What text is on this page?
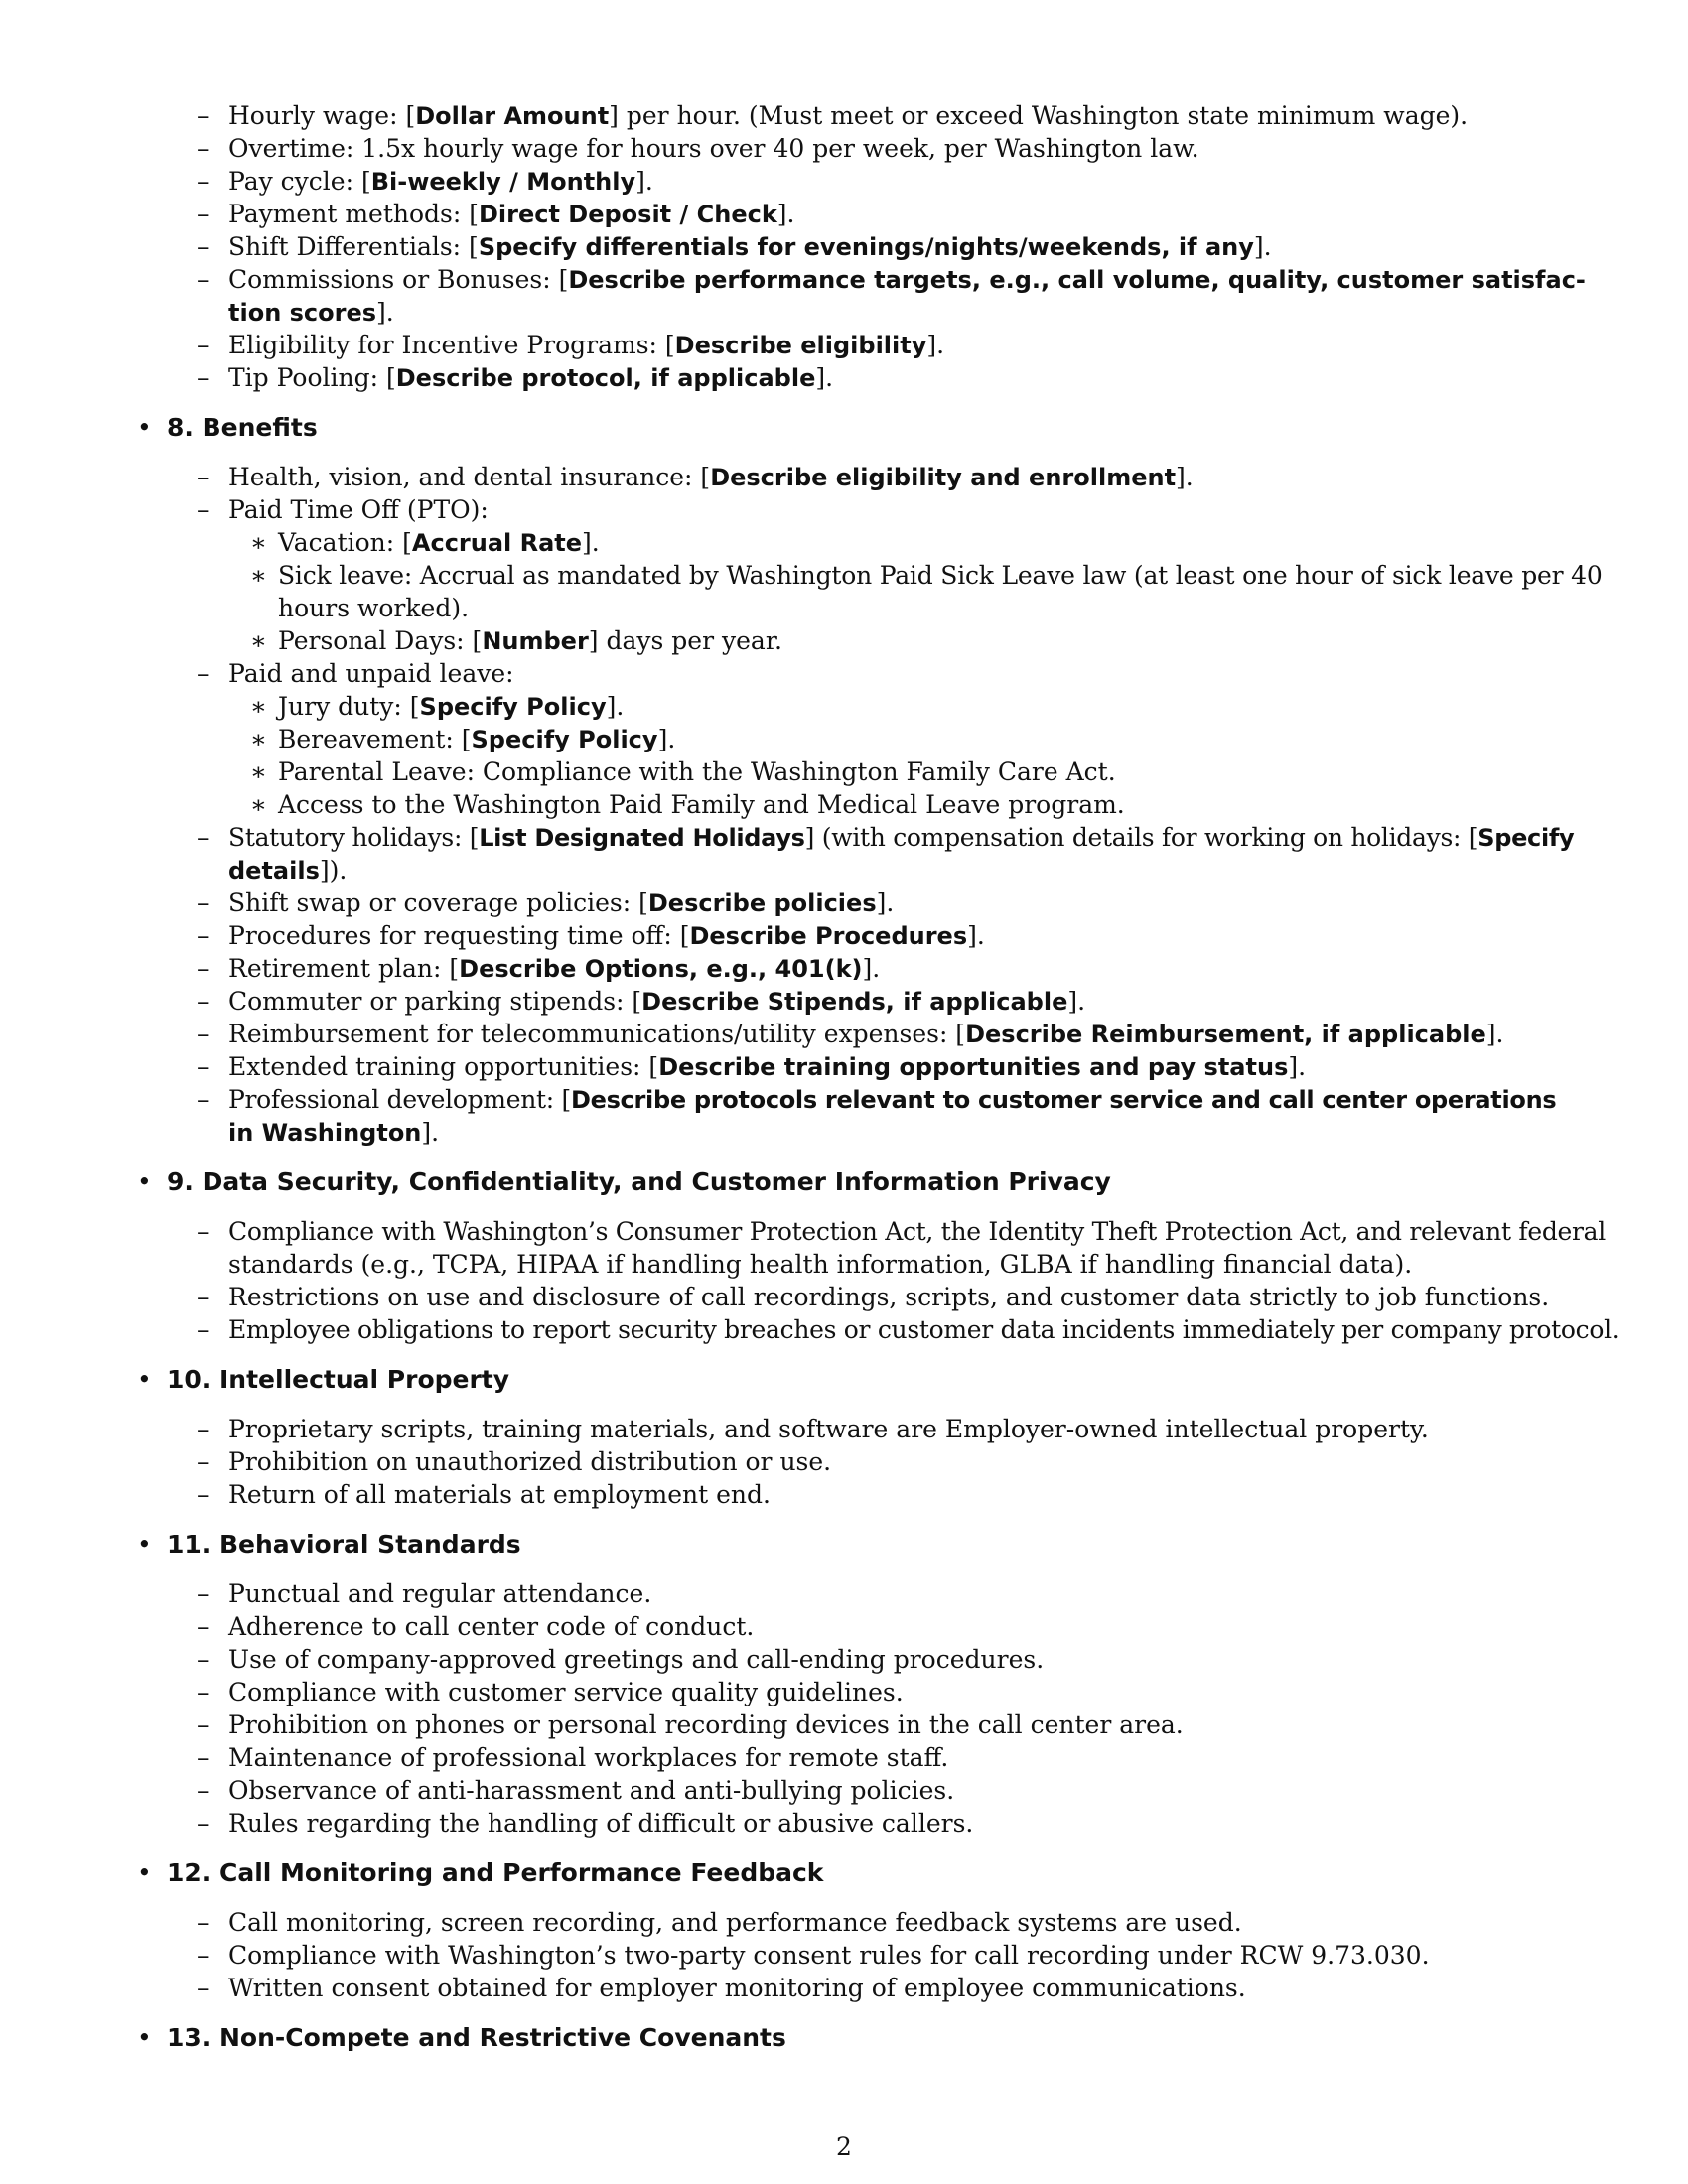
– Hourly wage: [Dollar Amount] per hour. (Must meet or exceed Washington state minimum wage).
– Overtime: 1.5x hourly wage for hours over 40 per week, per Washington law.
– Pay cycle: [Bi-weekly / Monthly].
– Payment methods: [Direct Deposit / Check].
– Shift Differentials: [Specify differentials for evenings/nights/weekends, if any].
– Commissions or Bonuses: [Describe performance targets, e.g., call volume, quality, customer satisfac-
tion scores].
– Eligibility for Incentive Programs: [Describe eligibility].
– Tip Pooling: [Describe protocol, if applicable].
• 8. Benefits
– Health, vision, and dental insurance: [Describe eligibility and enrollment].
– Paid Time Off (PTO):
∗ Vacation: [Accrual Rate].
∗ Sick leave: Accrual as mandated by Washington Paid Sick Leave law (at least one hour of sick leave per 40
hours worked).
∗ Personal Days: [Number] days per year.
– Paid and unpaid leave:
∗ Jury duty: [Specify Policy].
∗ Bereavement: [Specify Policy].
∗ Parental Leave: Compliance with the Washington Family Care Act.
∗ Access to the Washington Paid Family and Medical Leave program.
– Statutory holidays: [List Designated Holidays] (with compensation details for working on holidays: [Specify
details]).
– Shift swap or coverage policies: [Describe policies].
– Procedures for requesting time off: [Describe Procedures].
– Retirement plan: [Describe Options, e.g., 401(k)].
– Commuter or parking stipends: [Describe Stipends, if applicable].
– Reimbursement for telecommunications/utility expenses: [Describe Reimbursement, if applicable].
– Extended training opportunities: [Describe training opportunities and pay status].
– Professional development: [Describe protocols relevant to customer service and call center operations
in Washington].
• 9. Data Security, Confidentiality, and Customer Information Privacy
– Compliance with Washington’s Consumer Protection Act, the Identity Theft Protection Act, and relevant federal
standards (e.g., TCPA, HIPAA if handling health information, GLBA if handling financial data).
– Restrictions on use and disclosure of call recordings, scripts, and customer data strictly to job functions.
– Employee obligations to report security breaches or customer data incidents immediately per company protocol.
• 10. Intellectual Property
– Proprietary scripts, training materials, and software are Employer-owned intellectual property.
– Prohibition on unauthorized distribution or use.
– Return of all materials at employment end.
• 11. Behavioral Standards
– Punctual and regular attendance.
– Adherence to call center code of conduct.
– Use of company-approved greetings and call-ending procedures.
– Compliance with customer service quality guidelines.
– Prohibition on phones or personal recording devices in the call center area.
– Maintenance of professional workplaces for remote staff.
– Observance of anti-harassment and anti-bullying policies.
– Rules regarding the handling of difficult or abusive callers.
• 12. Call Monitoring and Performance Feedback
– Call monitoring, screen recording, and performance feedback systems are used.
– Compliance with Washington’s two-party consent rules for call recording under RCW 9.73.030.
– Written consent obtained for employer monitoring of employee communications.
• 13. Non-Compete and Restrictive Covenants
2
